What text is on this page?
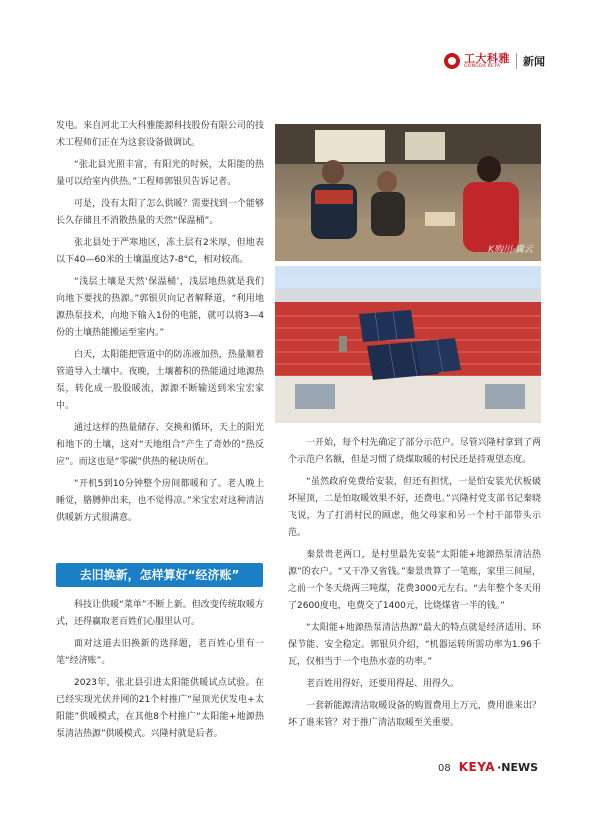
工大科雅
GONGDA KEYA	新闻

发电。来自河北工大科雅能源科技股份有限公司的技术工程师们正在为这套设备做调试。

“张北县光照丰富，有阳光的时候，太阳能的热量可以给室内供热。”工程师郭银贝告诉记者。

可是，没有太阳了怎么供暖？需要找到一个能够长久存储且不消散热量的天然“保温桶”。

张北县处于严寒地区，冻土层有2米厚，但地表以下40—60米的土壤温度达7-8°C，相对较高。

“浅层土壤是天然‘保温桶’，浅层地热就是我们向地下要找的热源。”郭银贝向记者解释道，“利用地源热泵技术，向地下输入1份的电能，就可以将3—4份的土壤热能搬运至室内。”

白天，太阳能把管道中的防冻液加热，热量顺着管道导入土壤中。夜晚，土壤蓄积的热能通过地源热泵，转化成一股股暖流，源源不断输送到米宝宏家中。

通过这样的热量储存、交换和循环，天上的阳光和地下的土壤，这对“天地组合”产生了奇妙的“热反应”。而这也是“零碳”供热的秘诀所在。

“开机5到10分钟整个房间都暖和了。老人晚上睡觉，胳膊伸出来，也不觉得凉。”米宝宏对这种清洁供暖新方式很满意。

去旧换新，怎样算好“经济账”

科技让供暖“菜单”不断上新。但改变传统取暖方式，还得赢取老百姓们心服里认可。

面对这道去旧换新的选择题，老百姓心里有一笔“经济账”。

2023年，张北县引进太阳能供暖试点试验。在已经实现光伏并网的21个村推广“屋顶光伏发电+太阳能”供暖模式，在其他8个村推广“太阳能+地源热泵清洁热源”供暖模式。兴隆村就是后者。

K购川·冀云

一开始，每个村先确定了部分示范户。尽管兴隆村拿到了两个示范户名额，但是习惯了烧煤取暖的村民还是持观望态度。

“虽然政府免费给安装，但还有担忧，一是怕安装光伏板破坏屋顶，二是怕取暖效果不好，还费电。”兴隆村党支部书记秦晓飞说，为了打消村民的顾虑，他父母家和另一个村干部带头示范。

秦景贵老两口，是村里最先安装“太阳能+地源热泵清洁热源”的农户。“又干净又省钱。”秦景贵算了一笔账，家里三间屋，之前一个冬天烧两三吨煤，花费3000元左右。“去年整个冬天用了2600度电，电费交了1400元，比烧煤省一半的钱。”

“太阳能+地源热泵清洁热源”最大的特点就是经济适用、环保节能、安全稳定。郭银贝介绍，“机器运转所需功率为1.96千瓦，仅相当于一个电热水壶的功率。”

老百姓用得好，还要用得起、用得久。

一套新能源清洁取暖设备的购置费用上万元，费用谁来出？坏了谁来管？对于推广清洁取暖至关重要。

08 KEYA ·NEWS
